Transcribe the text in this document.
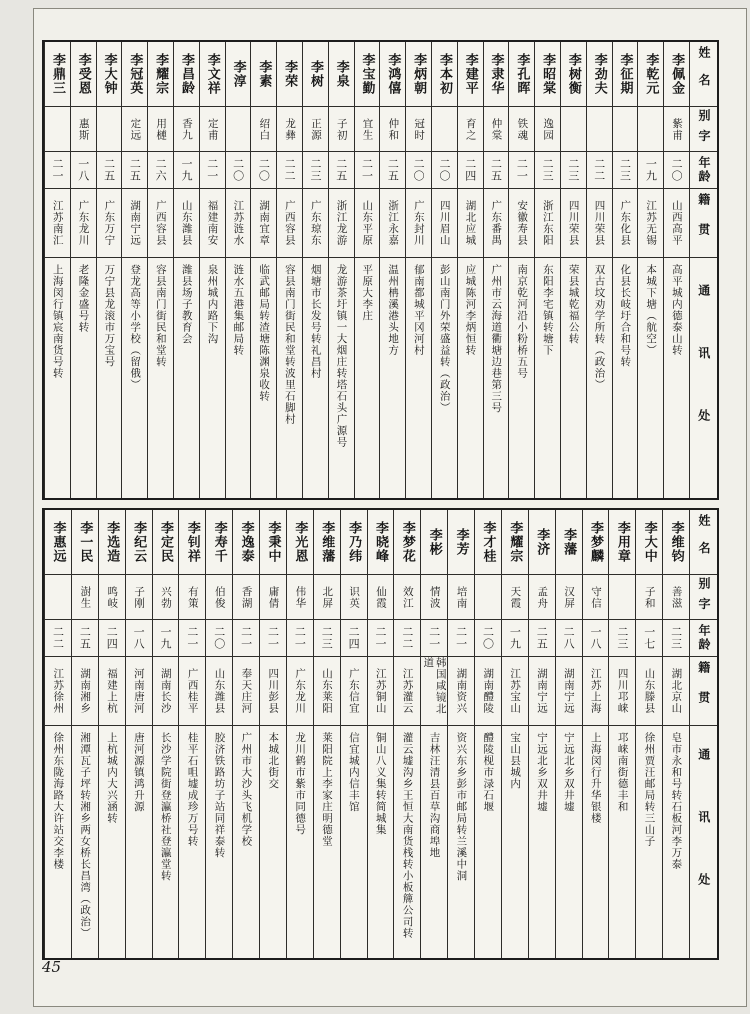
姓名
别字
年龄
籍贯
通讯处
李佩金
紫甫
二〇
山西高平
高平城内德泰山转
李乾元
一九
江苏无锡
本城下塘（航空）
李征期
二三
广东化县
化县长岐圩合和号转
李劲夫
二二
四川荣县
双古坟劝学所转（政治）
李树衡
二三
四川荣县
荣县城乾福公转
李昭棠
逸园
二三
浙江东阳
东阳李宅镇转塘下
李孔晖
铁魂
二一
安徽寿县
南京乾河沿小粉桥五号
李隶华
仲棠
二五
广东番禺
广州市云海道衢塘边巷第三号
李建平
育之
二四
湖北应城
应城陈河李炳恒转
李本初
二〇
四川眉山
彭山南门外荣盛益转（政治）
李炳朝
冠时
二〇
广东封川
郁南都城平冈河村
李鸿僖
仲和
二五
浙江永嘉
温州柟溪港头地方
李宝勤
宜生
二一
山东平原
平原大李庄
李泉
子初
二五
浙江龙游
龙游茶圩镇一大烟庄转塔石头广源号
李树
正源
二三
广东琼东
烟塘市长发号转礼昌村
李荣
龙彝
二二
广西容县
容县南门街民和堂转波里石脚村
李素
绍白
二〇
湖南宜章
临武邮局转渣塘陈渊泉收转
李淳
二〇
江苏涟水
涟水五港集邮局转
李文祥
定甫
二一
福建南安
泉州城内路下沟
李昌龄
香九
一九
山东潍县
潍县场子教育会
李耀宗
用槤
二六
广西容县
容县南门街民和堂转
李冠英
定远
二五
湖南宁远
登龙高等小学校（留俄）
李大钟
二五
广东万宁
万宁县龙滚市万宝号
李受恩
惠斯
一八
广东龙川
老隆金盛号转
李鼎三
二一
江苏南汇
上海闵行镇宸南货号转
姓名
别字
年龄
籍贯
通讯处
李维钧
善滋
二三
湖北京山
皂市永和号转石板河李万泰
李大中
子和
一七
山东滕县
徐州贾汪邮局转三山子
李用章
二三
四川邛崃
邛崃南街德丰和
李梦麟
守信
一八
江苏上海
上海闵行升华银楼
李藩
汉屏
二八
湖南宁远
宁远北乡双井墟
李济
孟舟
二五
湖南宁远
宁远北乡双井墟
李耀宗
天霞
一九
江苏宝山
宝山县城内
李才桂
二〇
湖南醴陵
醴陵枧市渌石堰
李芳
培南
二一
湖南资兴
资兴东乡彭市邮局转兰溪中洞
李彬
情波
二一
韩国咸镜北道
吉林汪清县百草沟商埠地
李梦花
效江
二二
江苏灌云
灌云墟沟乡王恒大南货栈转小板簰公司转
李晓峰
仙霞
二一
江苏铜山
铜山八义集转简城集
李乃纬
识英
二四
广东信宜
信宜城内信丰馆
李维藩
北屏
二三
山东莱阳
莱阳院上李家庄明德堂
李光恩
伟华
二一
广东龙川
龙川鹤市紫市同德号
李秉中
庸倩
二一
四川彭县
本城北街交
李逸泰
香湖
二一
奉天庄河
广州市大沙头飞机学校
李寿千
伯俊
二〇
山东潍县
胶济铁路坊子站同祥泰转
李钊祥
有策
二一
广西桂平
桂平石咀墟成珍万号转
李定民
兴勃
一九
湖南长沙
长沙学院街登瀛桥社登瀛堂转
李纪云
子刚
一八
河南唐河
唐河源镇鸿升源
李选造
鸣岐
二四
福建上杭
上杭城内大兴涵转
李一民
澍生
二五
湖南湘乡
湘潭瓦子坪转湘乡两女桥长昌湾（政治）
李惠远
二二
江苏徐州
徐州东陇海路大许站交李楼
45
